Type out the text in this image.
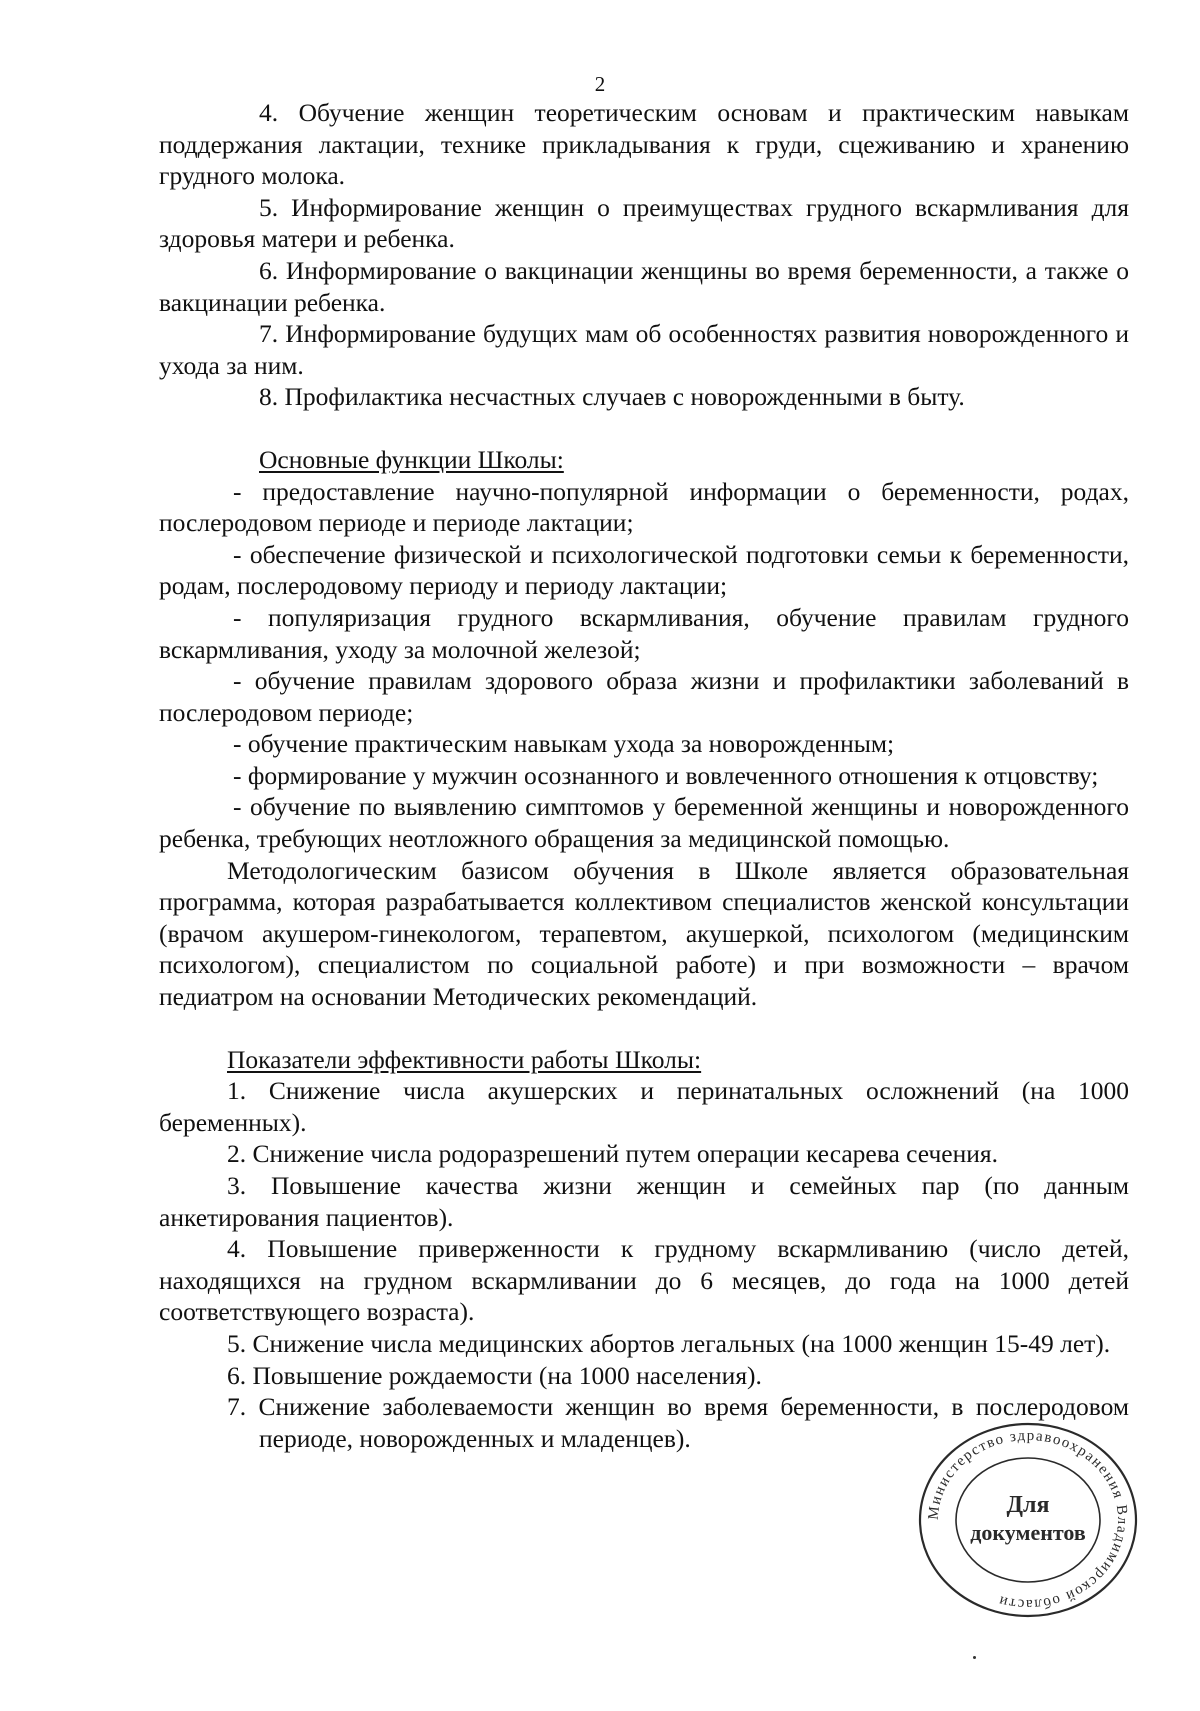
2

4. Обучение женщин теоретическим основам и практическим навыкам поддержания лактации, технике прикладывания к груди, сцеживанию и хранению грудного молока.

5. Информирование женщин о преимуществах грудного вскармливания для здоровья матери и ребенка.

6. Информирование о вакцинации женщины во время беременности, а также о вакцинации ребенка.

7. Информирование будущих мам об особенностях развития новорожденного и ухода за ним.

8. Профилактика несчастных случаев с новорожденными в быту.

Основные функции Школы:

- предоставление научно-популярной информации о беременности, родах, послеродовом периоде и периоде лактации;

- обеспечение физической и психологической подготовки семьи к беременности, родам, послеродовому периоду и периоду лактации;

- популяризация грудного вскармливания, обучение правилам грудного вскармливания, уходу за молочной железой;

- обучение правилам здорового образа жизни и профилактики заболеваний в послеродовом периоде;

- обучение практическим навыкам ухода за новорожденным;

- формирование у мужчин осознанного и вовлеченного отношения к отцовству;

- обучение по выявлению симптомов у беременной женщины и новорожденного ребенка, требующих неотложного обращения за медицинской помощью.

Методологическим базисом обучения в Школе является образовательная программа, которая разрабатывается коллективом специалистов женской консультации (врачом акушером-гинекологом, терапевтом, акушеркой, психологом (медицинским психологом), специалистом по социальной работе) и при возможности – врачом педиатром на основании Методических рекомендаций.

Показатели эффективности работы Школы:

1. Снижение числа акушерских и перинатальных осложнений (на 1000 беременных).

2. Снижение числа родоразрешений путем операции кесарева сечения.

3. Повышение качества жизни женщин и семейных пар (по данным анкетирования пациентов).

4. Повышение приверженности к грудному вскармливанию (число детей, находящихся на грудном вскармливании до 6 месяцев, до года на 1000 детей соответствующего возраста).

5. Снижение числа медицинских абортов легальных (на 1000 женщин 15-49 лет).

6. Повышение рождаемости (на 1000 населения).

7. Снижение заболеваемости женщин во время беременности, в послеродовом периоде, новорожденных и младенцев).

Министерство здравоохранения Владимирской области
Для
документов
